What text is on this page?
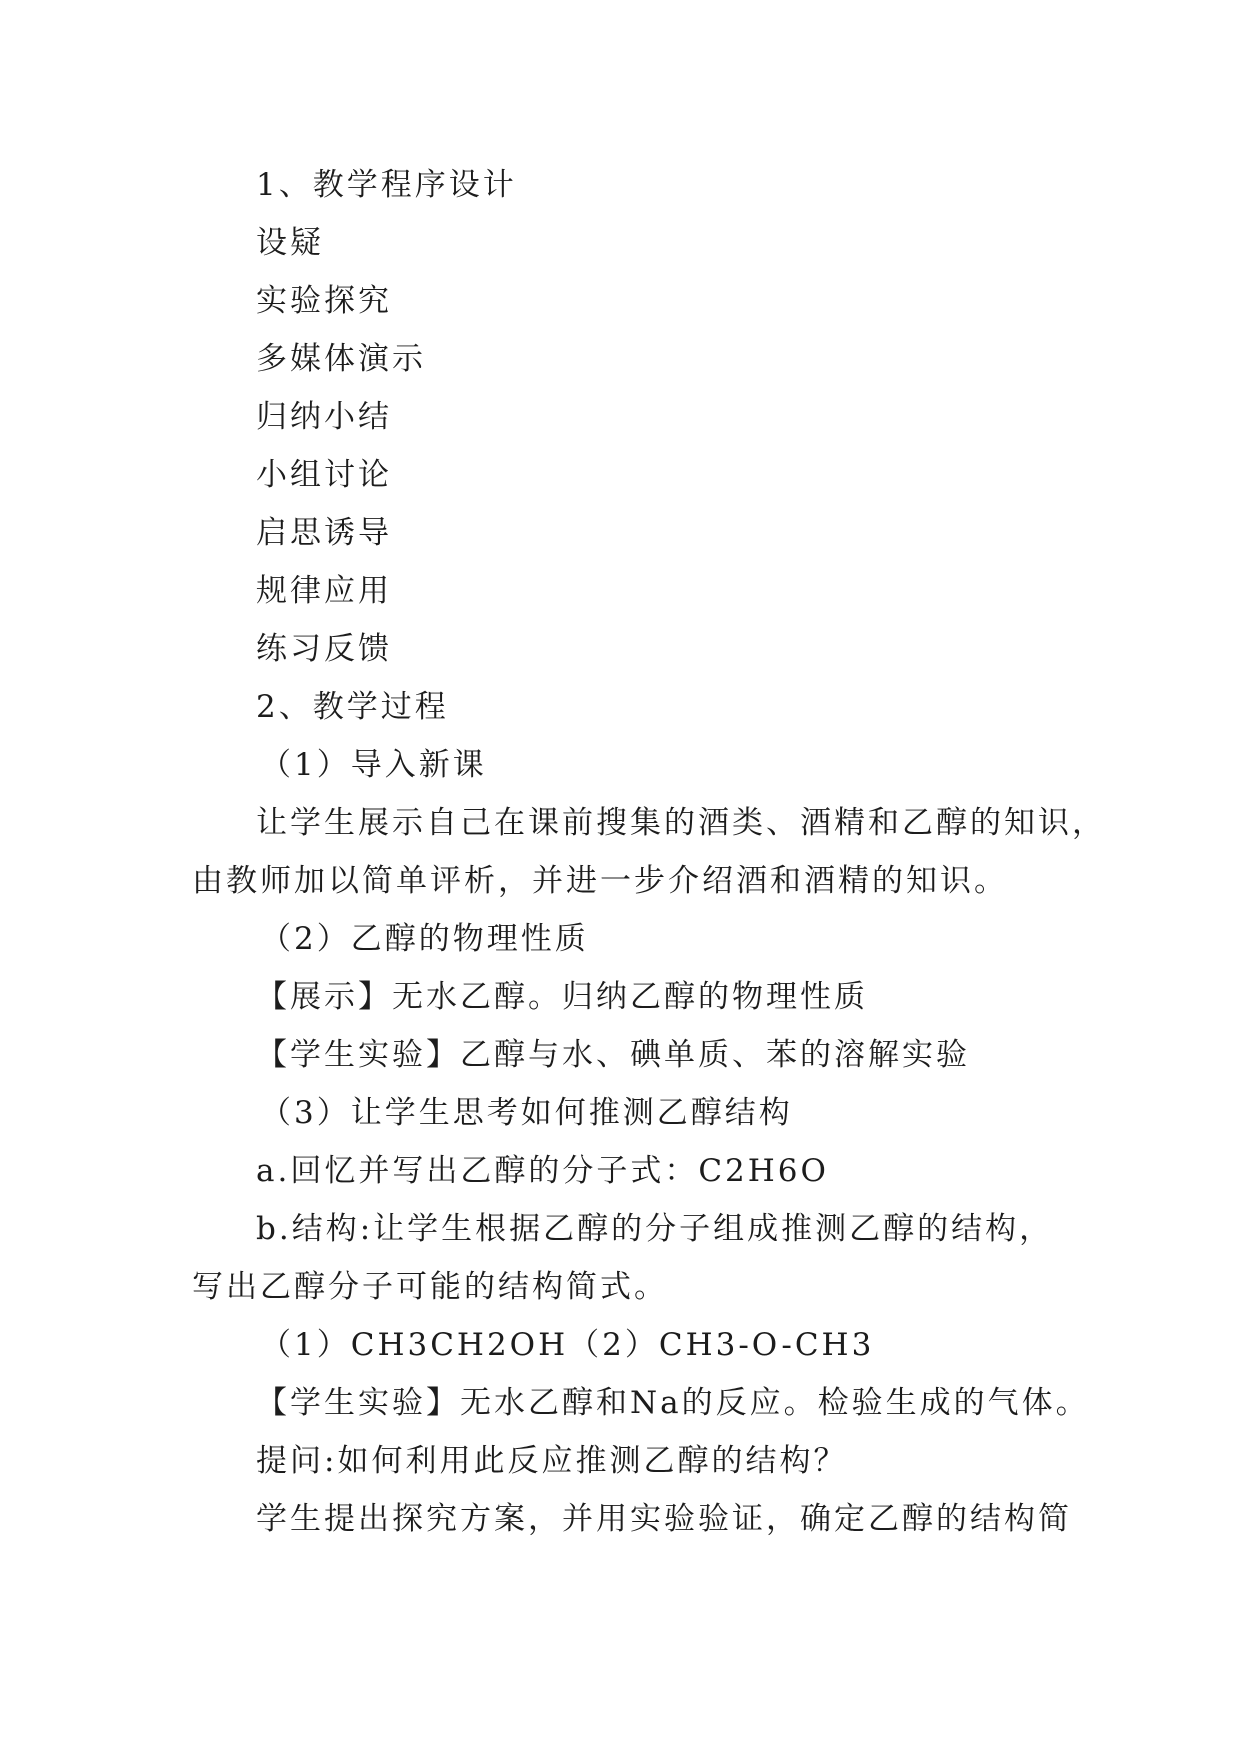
1、教学程序设计
设疑
实验探究
多媒体演示
归纳小结
小组讨论
启思诱导
规律应用
练习反馈
2、教学过程
（1）导入新课
让学生展示自己在课前搜集的酒类、酒精和乙醇的知识，
由教师加以简单评析，并进一步介绍酒和酒精的知识。
（2）乙醇的物理性质
【展示】无水乙醇。归纳乙醇的物理性质
【学生实验】乙醇与水、碘单质、苯的溶解实验
（3）让学生思考如何推测乙醇结构
a.回忆并写出乙醇的分子式：C2H6O
b.结构:让学生根据乙醇的分子组成推测乙醇的结构，
写出乙醇分子可能的结构简式。
（1）CH3CH2OH（2）CH3-O-CH3
【学生实验】无水乙醇和Na的反应。检验生成的气体。
提问:如何利用此反应推测乙醇的结构？
学生提出探究方案，并用实验验证，确定乙醇的结构简
